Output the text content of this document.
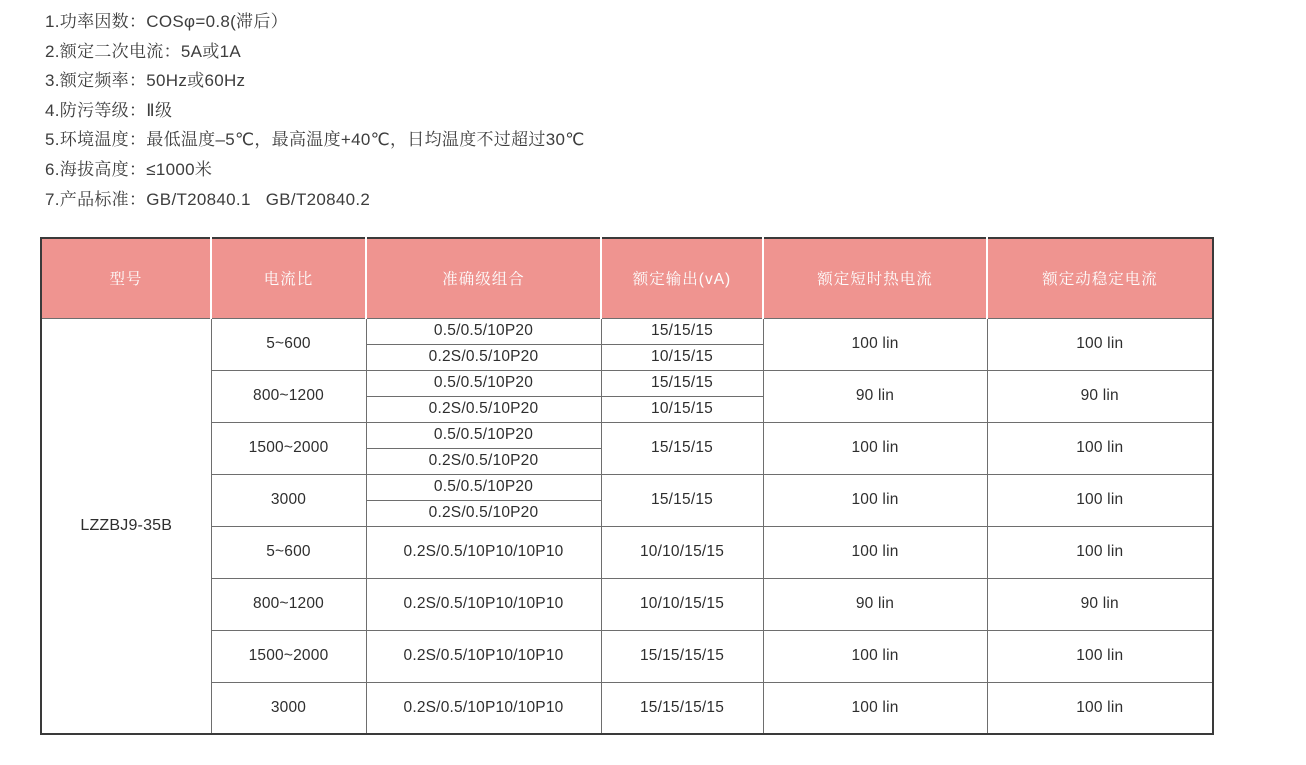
1.功率因数：COSφ=0.8(滞后）
2.额定二次电流：5A或1A
3.额定频率：50Hz或60Hz
4.防污等级：Ⅱ级
5.环境温度：最低温度–5℃，最高温度+40℃，日均温度不过超过30℃
6.海拔高度：≤1000米
7.产品标准：GB/T20840.1   GB/T20840.2
型号	电流比	准确级组合	额定输出(vA)	额定短时热电流	额定动稳定电流
LZZBJ9-35B	5~600	0.5/0.5/10P20	15/15/15	100 lin	100 lin
		0.2S/0.5/10P20	10/15/15		
	800~1200	0.5/0.5/10P20	15/15/15	90 lin	90 lin
		0.2S/0.5/10P20	10/15/15		
	1500~2000	0.5/0.5/10P20	15/15/15	100 lin	100 lin
		0.2S/0.5/10P20			
	3000	0.5/0.5/10P20	15/15/15	100 lin	100 lin
		0.2S/0.5/10P20			
	5~600	0.2S/0.5/10P10/10P10	10/10/15/15	100 lin	100 lin
	800~1200	0.2S/0.5/10P10/10P10	10/10/15/15	90 lin	90 lin
	1500~2000	0.2S/0.5/10P10/10P10	15/15/15/15	100 lin	100 lin
	3000	0.2S/0.5/10P10/10P10	15/15/15/15	100 lin	100 lin
